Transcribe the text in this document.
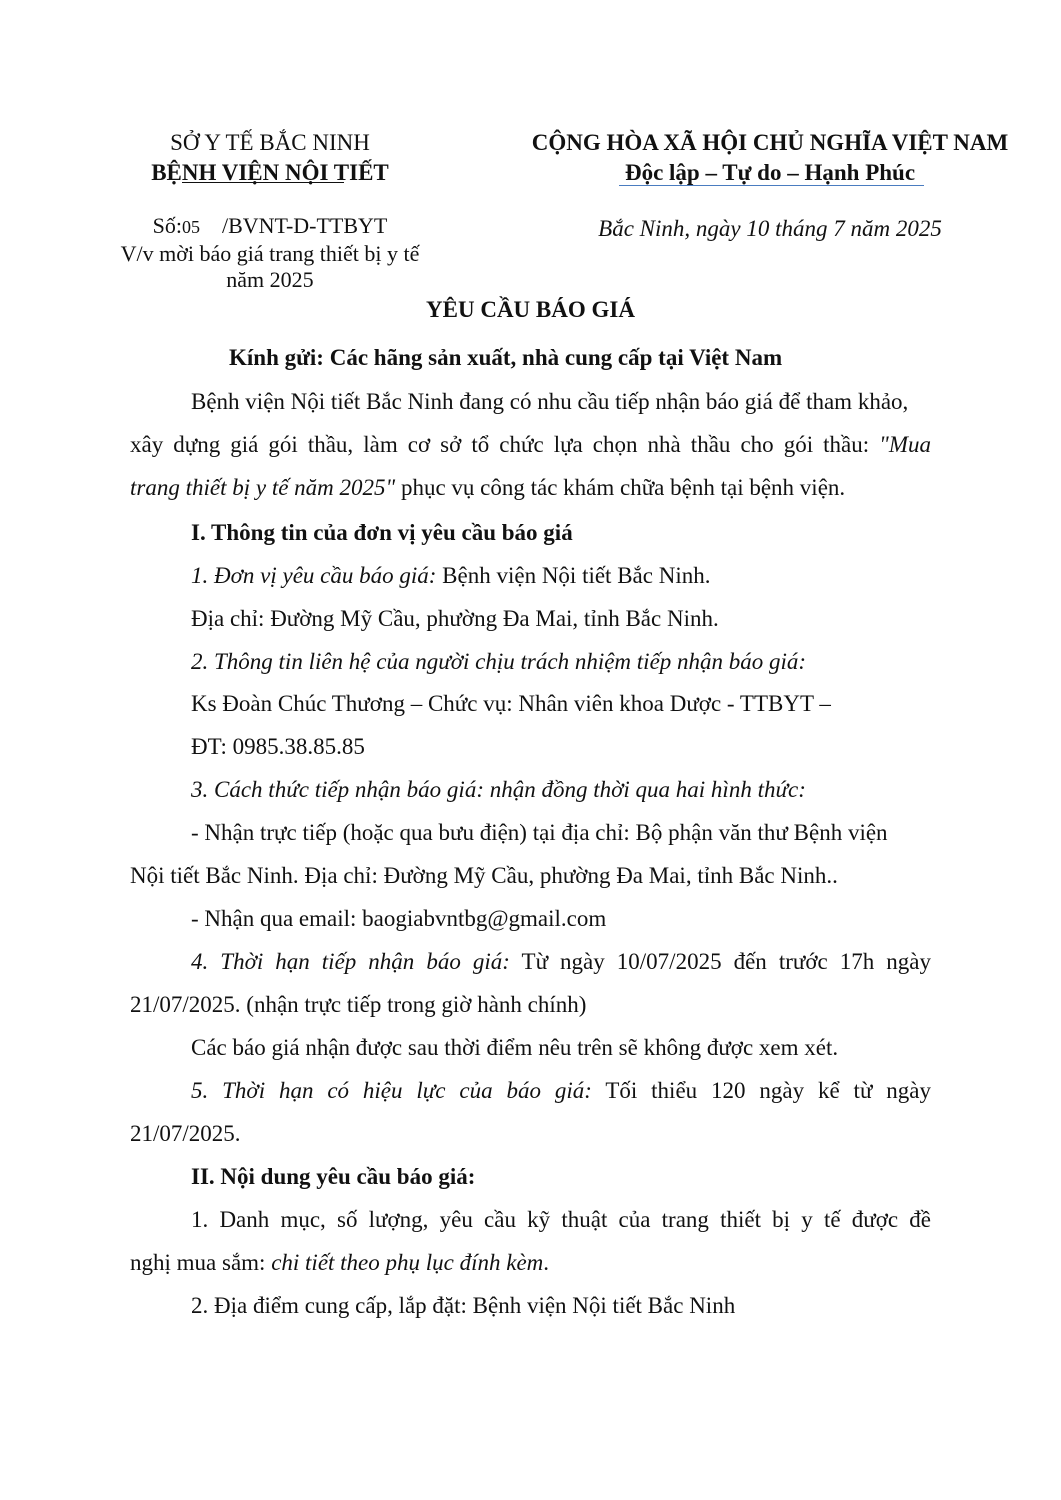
SỞ Y TẾ BẮC NINH
BỆNH VIỆN NỘI TIẾT
Số:05 /BVNT-D-TTBYT
V/v mời báo giá trang thiết bị y tế
năm 2025
CỘNG HÒA XÃ HỘI CHỦ NGHĨA VIỆT NAM
Độc lập – Tự do – Hạnh Phúc
Bắc Ninh, ngày 10 tháng 7 năm 2025
YÊU CẦU BÁO GIÁ
Kính gửi: Các hãng sản xuất, nhà cung cấp tại Việt Nam
Bệnh viện Nội tiết Bắc Ninh đang có nhu cầu tiếp nhận báo giá để tham khảo,
xây dựng giá gói thầu, làm cơ sở tổ chức lựa chọn nhà thầu cho gói thầu: "Mua
trang thiết bị y tế năm 2025" phục vụ công tác khám chữa bệnh tại bệnh viện.
I. Thông tin của đơn vị yêu cầu báo giá
1. Đơn vị yêu cầu báo giá: Bệnh viện Nội tiết Bắc Ninh.
Địa chỉ: Đường Mỹ Cầu, phường Đa Mai, tỉnh Bắc Ninh.
2. Thông tin liên hệ của người chịu trách nhiệm tiếp nhận báo giá:
Ks Đoàn Chúc Thương – Chức vụ: Nhân viên khoa Dược - TTBYT –
ĐT: 0985.38.85.85
3. Cách thức tiếp nhận báo giá: nhận đồng thời qua hai hình thức:
- Nhận trực tiếp (hoặc qua bưu điện) tại địa chỉ: Bộ phận văn thư Bệnh viện
Nội tiết Bắc Ninh. Địa chỉ: Đường Mỹ Cầu, phường Đa Mai, tỉnh Bắc Ninh..
- Nhận qua email: baogiabvntbg@gmail.com
4. Thời hạn tiếp nhận báo giá: Từ ngày 10/07/2025 đến trước 17h ngày
21/07/2025. (nhận trực tiếp trong giờ hành chính)
Các báo giá nhận được sau thời điểm nêu trên sẽ không được xem xét.
5. Thời hạn có hiệu lực của báo giá: Tối thiểu 120 ngày kể từ ngày
21/07/2025.
II. Nội dung yêu cầu báo giá:
1. Danh mục, số lượng, yêu cầu kỹ thuật của trang thiết bị y tế được đề
nghị mua sắm: chi tiết theo phụ lục đính kèm.
2. Địa điểm cung cấp, lắp đặt: Bệnh viện Nội tiết Bắc Ninh
